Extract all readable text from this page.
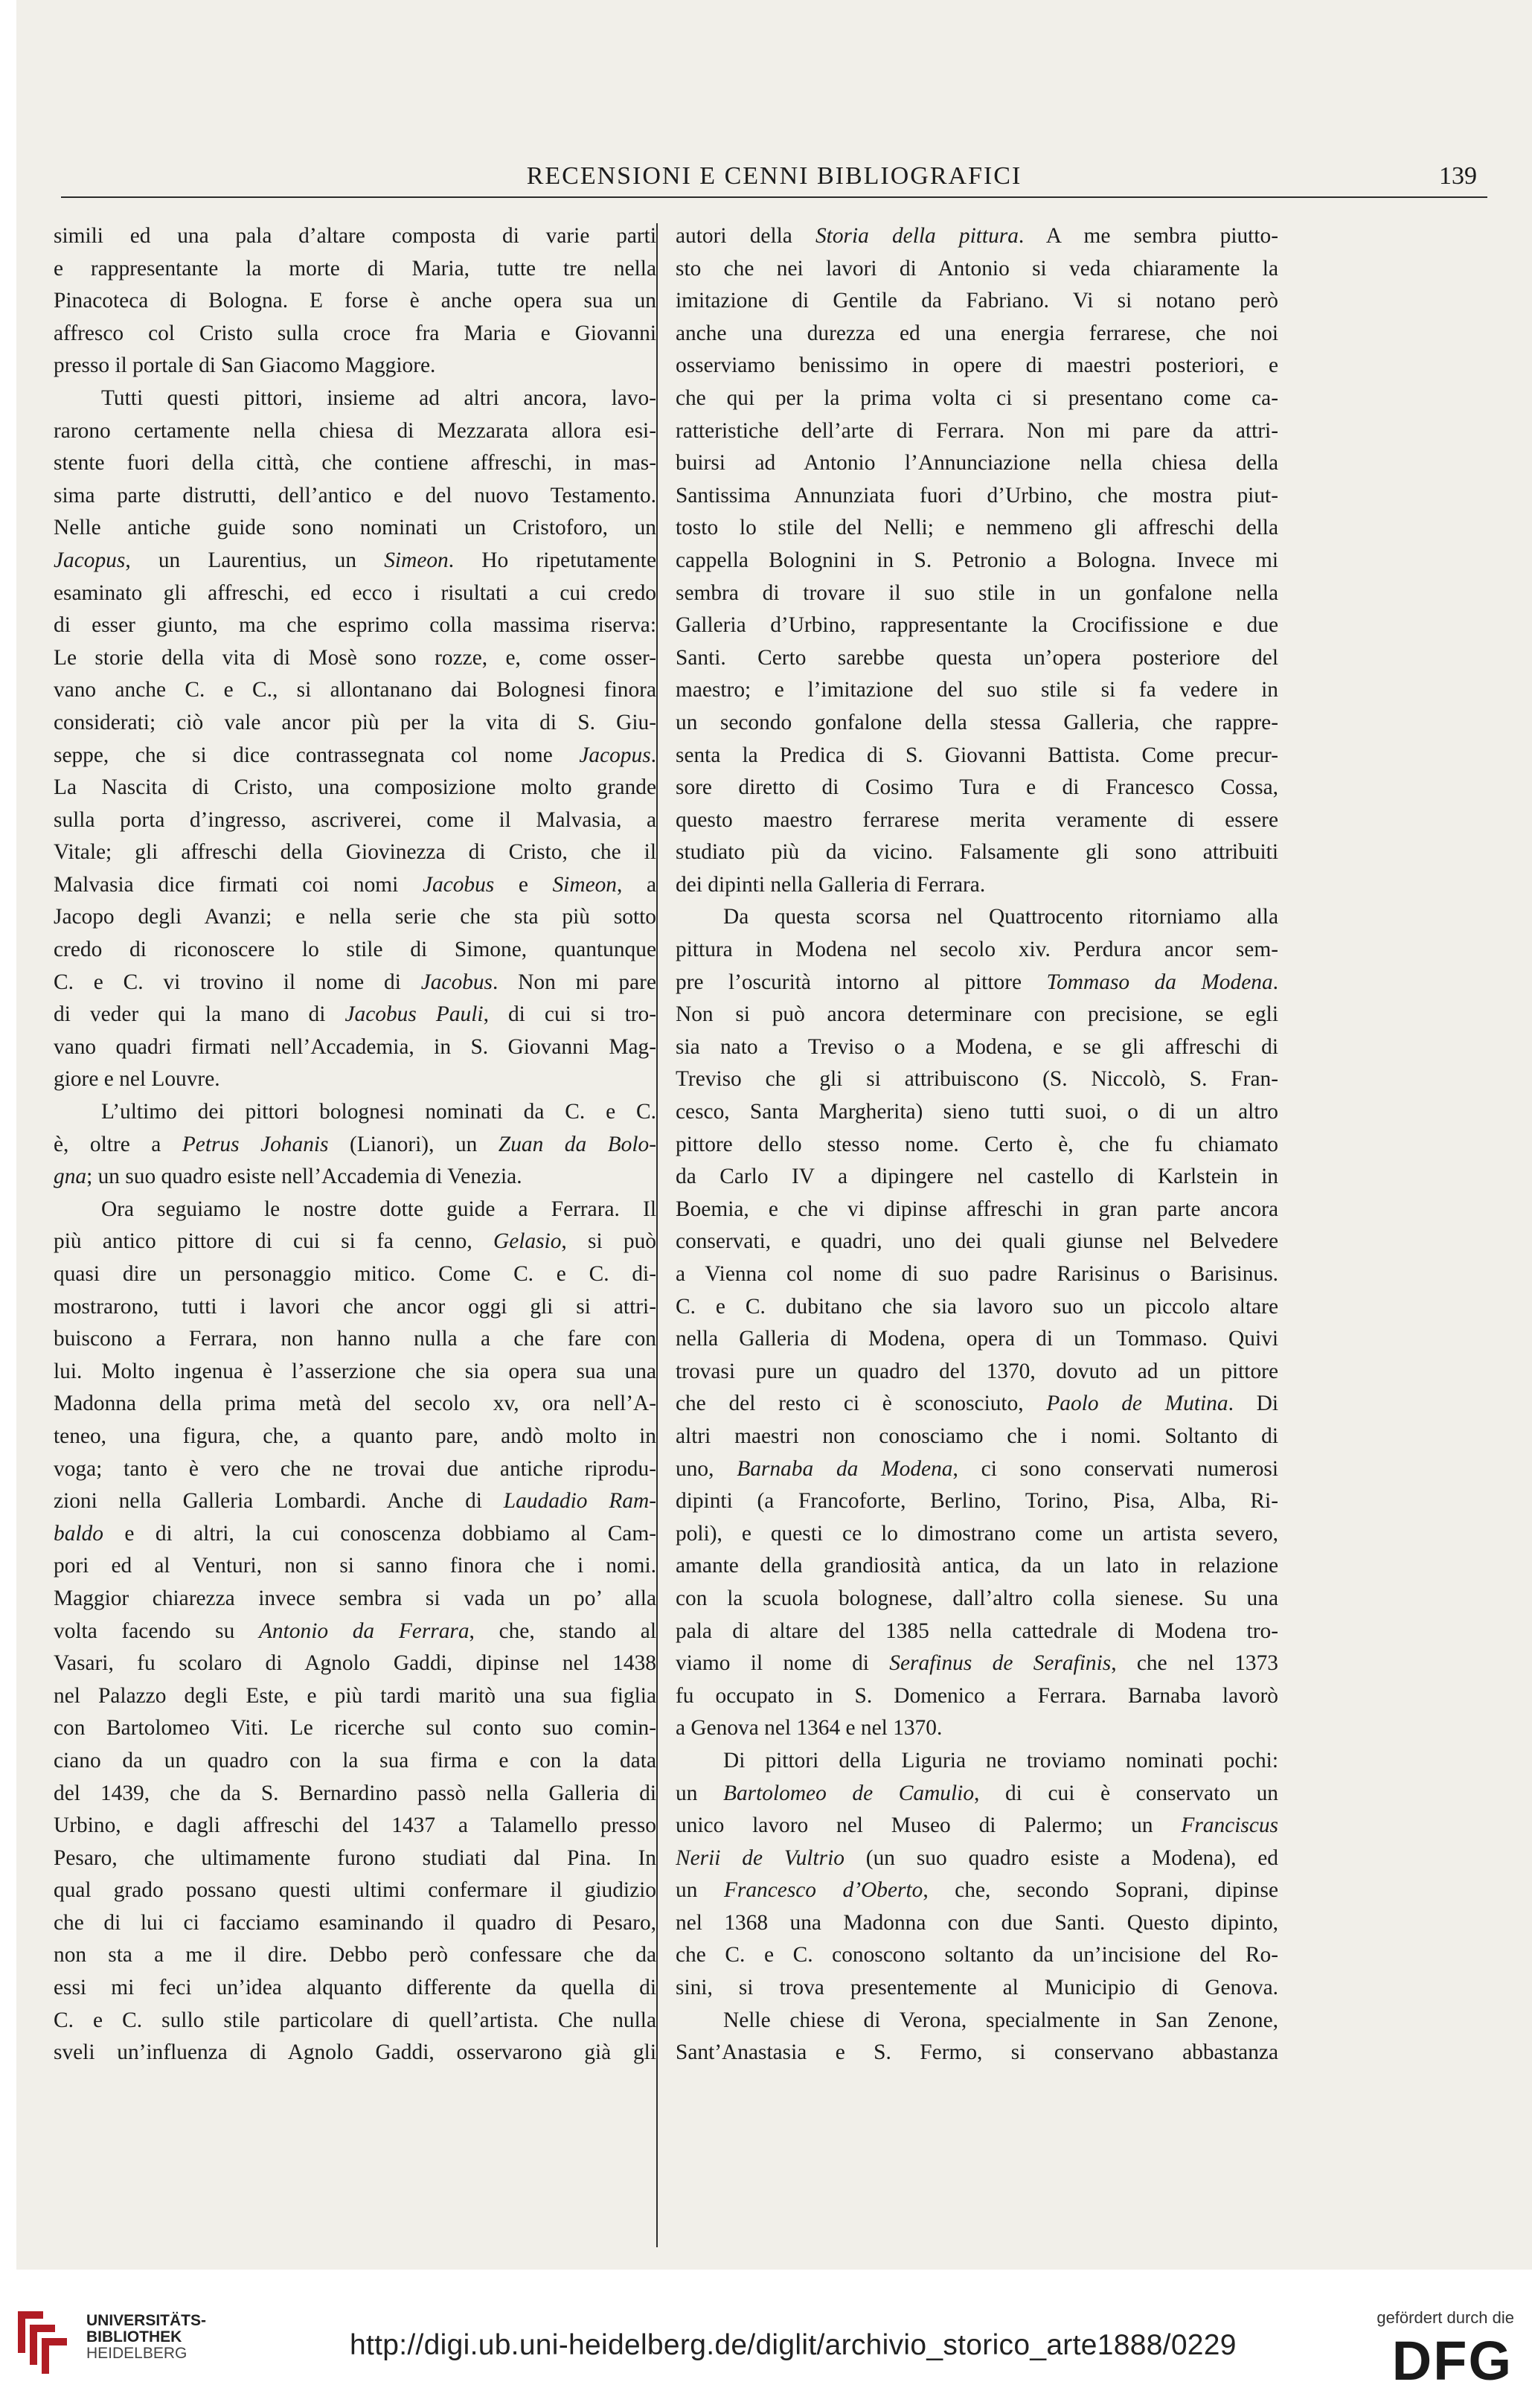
RECENSIONI E CENNI BIBLIOGRAFICI	139
simili ed una pala d’altare composta di varie parti
e rappresentante la morte di Maria, tutte tre nella
Pinacoteca di Bologna. E forse è anche opera sua un
affresco col Cristo sulla croce fra Maria e Giovanni
presso il portale di San Giacomo Maggiore.
Tutti questi pittori, insieme ad altri ancora, lavo-
rarono certamente nella chiesa di Mezzarata allora esi-
stente fuori della città, che contiene affreschi, in mas-
sima parte distrutti, dell’antico e del nuovo Testamento.
Nelle antiche guide sono nominati un Cristoforo, un
Jacopus, un Laurentius, un Simeon. Ho ripetutamente
esaminato gli affreschi, ed ecco i risultati a cui credo
di esser giunto, ma che esprimo colla massima riserva:
Le storie della vita di Mosè sono rozze, e, come osser-
vano anche C. e C., si allontanano dai Bolognesi finora
considerati; ciò vale ancor più per la vita di S. Giu-
seppe, che si dice contrassegnata col nome Jacopus.
La Nascita di Cristo, una composizione molto grande
sulla porta d’ingresso, ascriverei, come il Malvasia, a
Vitale; gli affreschi della Giovinezza di Cristo, che il
Malvasia dice firmati coi nomi Jacobus e Simeon, a
Jacopo degli Avanzi; e nella serie che sta più sotto
credo di riconoscere lo stile di Simone, quantunque
C. e C. vi trovino il nome di Jacobus. Non mi pare
di veder qui la mano di Jacobus Pauli, di cui si tro-
vano quadri firmati nell’Accademia, in S. Giovanni Mag-
giore e nel Louvre.
L’ultimo dei pittori bolognesi nominati da C. e C.
è, oltre a Petrus Johanis (Lianori), un Zuan da Bolo-
gna; un suo quadro esiste nell’Accademia di Venezia.
Ora seguiamo le nostre dotte guide a Ferrara. Il
più antico pittore di cui si fa cenno, Gelasio, si può
quasi dire un personaggio mitico. Come C. e C. di-
mostrarono, tutti i lavori che ancor oggi gli si attri-
buiscono a Ferrara, non hanno nulla a che fare con
lui. Molto ingenua è l’asserzione che sia opera sua una
Madonna della prima metà del secolo xv, ora nell’A-
teneo, una figura, che, a quanto pare, andò molto in
voga; tanto è vero che ne trovai due antiche riprodu-
zioni nella Galleria Lombardi. Anche di Laudadio Ram-
baldo e di altri, la cui conoscenza dobbiamo al Cam-
pori ed al Venturi, non si sanno finora che i nomi.
Maggior chiarezza invece sembra si vada un po’ alla
volta facendo su Antonio da Ferrara, che, stando al
Vasari, fu scolaro di Agnolo Gaddi, dipinse nel 1438
nel Palazzo degli Este, e più tardi maritò una sua figlia
con Bartolomeo Viti. Le ricerche sul conto suo comin-
ciano da un quadro con la sua firma e con la data
del 1439, che da S. Bernardino passò nella Galleria di
Urbino, e dagli affreschi del 1437 a Talamello presso
Pesaro, che ultimamente furono studiati dal Pina. In
qual grado possano questi ultimi confermare il giudizio
che di lui ci facciamo esaminando il quadro di Pesaro,
non sta a me il dire. Debbo però confessare che da
essi mi feci un’idea alquanto differente da quella di
C. e C. sullo stile particolare di quell’artista. Che nulla
sveli un’influenza di Agnolo Gaddi, osservarono già gli
autori della Storia della pittura. A me sembra piutto-
sto che nei lavori di Antonio si veda chiaramente la
imitazione di Gentile da Fabriano. Vi si notano però
anche una durezza ed una energia ferrarese, che noi
osserviamo benissimo in opere di maestri posteriori, e
che qui per la prima volta ci si presentano come ca-
ratteristiche dell’arte di Ferrara. Non mi pare da attri-
buirsi ad Antonio l’Annunciazione nella chiesa della
Santissima Annunziata fuori d’Urbino, che mostra piut-
tosto lo stile del Nelli; e nemmeno gli affreschi della
cappella Bolognini in S. Petronio a Bologna. Invece mi
sembra di trovare il suo stile in un gonfalone nella
Galleria d’Urbino, rappresentante la Crocifissione e due
Santi. Certo sarebbe questa un’opera posteriore del
maestro; e l’imitazione del suo stile si fa vedere in
un secondo gonfalone della stessa Galleria, che rappre-
senta la Predica di S. Giovanni Battista. Come precur-
sore diretto di Cosimo Tura e di Francesco Cossa,
questo maestro ferrarese merita veramente di essere
studiato più da vicino. Falsamente gli sono attribuiti
dei dipinti nella Galleria di Ferrara.
Da questa scorsa nel Quattrocento ritorniamo alla
pittura in Modena nel secolo xiv. Perdura ancor sem-
pre l’oscurità intorno al pittore Tommaso da Modena.
Non si può ancora determinare con precisione, se egli
sia nato a Treviso o a Modena, e se gli affreschi di
Treviso che gli si attribuiscono (S. Niccolò, S. Fran-
cesco, Santa Margherita) sieno tutti suoi, o di un altro
pittore dello stesso nome. Certo è, che fu chiamato
da Carlo IV a dipingere nel castello di Karlstein in
Boemia, e che vi dipinse affreschi in gran parte ancora
conservati, e quadri, uno dei quali giunse nel Belvedere
a Vienna col nome di suo padre Rarisinus o Barisinus.
C. e C. dubitano che sia lavoro suo un piccolo altare
nella Galleria di Modena, opera di un Tommaso. Quivi
trovasi pure un quadro del 1370, dovuto ad un pittore
che del resto ci è sconosciuto, Paolo de Mutina. Di
altri maestri non conosciamo che i nomi. Soltanto di
uno, Barnaba da Modena, ci sono conservati numerosi
dipinti (a Francoforte, Berlino, Torino, Pisa, Alba, Ri-
poli), e questi ce lo dimostrano come un artista severo,
amante della grandiosità antica, da un lato in relazione
con la scuola bolognese, dall’altro colla sienese. Su una
pala di altare del 1385 nella cattedrale di Modena tro-
viamo il nome di Serafinus de Serafinis, che nel 1373
fu occupato in S. Domenico a Ferrara. Barnaba lavorò
a Genova nel 1364 e nel 1370.
Di pittori della Liguria ne troviamo nominati pochi:
un Bartolomeo de Camulio, di cui è conservato un
unico lavoro nel Museo di Palermo; un Franciscus
Nerii de Vultrio (un suo quadro esiste a Modena), ed
un Francesco d’Oberto, che, secondo Soprani, dipinse
nel 1368 una Madonna con due Santi. Questo dipinto,
che C. e C. conoscono soltanto da un’incisione del Ro-
sini, si trova presentemente al Municipio di Genova.
Nelle chiese di Verona, specialmente in San Zenone,
Sant’Anastasia e S. Fermo, si conservano abbastanza
UNIVERSITÄTS-
BIBLIOTHEK
HEIDELBERG	http://digi.ub.uni-heidelberg.de/diglit/archivio_storico_arte1888/0229
gefördert durch die
DFG
